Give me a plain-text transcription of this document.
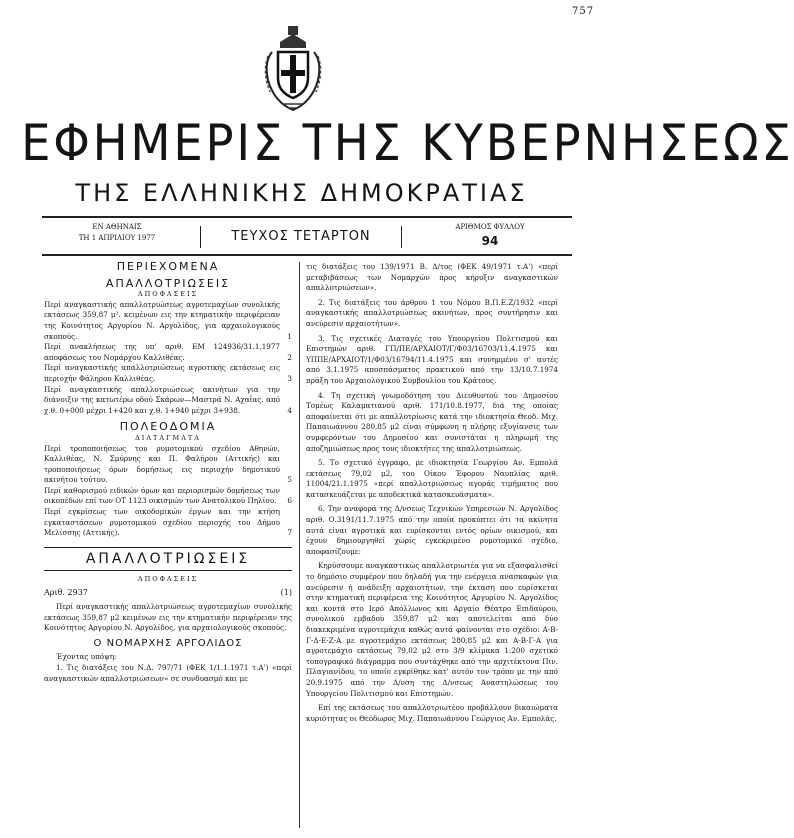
757
ΕΦΗΜΕΡΙΣ ΤΗΣ ΚΥΒΕΡΝΗΣΕΩΣ
ΤΗΣ ΕΛΛΗΝΙΚΗΣ ΔΗΜΟΚΡΑΤΙΑΣ
ΕΝ ΑΘΗΝΑΙΣ
ΤΗ 1 ΑΠΡΙΛΙΟΥ 1977	ΤΕΥΧΟΣ ΤΕΤΑΡΤΟΝ
ΑΡΙΘΜΟΣ ΦΥΛΛΟΥ
94
ΠΕΡΙΕΧΟΜΕΝΑ
ΑΠΑΛΛΟΤΡΙΩΣΕΙΣ
ΑΠΟΦΑΣΕΙΣ

Περί αναγκαστικής απαλλοτριώσεως αγροτεμαχίων συνολικής εκτάσεως 359,87 μ². κειμένων εις την κτηματικήν περιφέρειαν της Κοινότητος Αργυρίου Ν. Αργολίδος, για αρχαιολογικούς σκοπούς.	1

Περί ανακλήσεως της υπ' αριθ. ΕΜ 124936/31.1.1977 αποφάσεως του Νομάρχου Καλλιθέας.	2

Περί αναγκαστικής απαλλοτριώσεως αγροτικής εκτάσεως εις περιοχήν Φάληρου Καλλιθέας.	3

Περί αναγκαστικής απαλλοτριώσεως ακινήτων για την διάνοιξιν της κατωτέρω οδού Σκάρων—Μαστρά Ν. Αχαΐας, από χ.θ. 0+000 μέχρι 1+420 και χ.θ. 1+940 μέχρι 3+938.	4

ΠΟΛΕΟΔΟΜΙΑ
ΔΙΑΤΑΓΜΑΤΑ

Περί τροποποιήσεως του ρυμοτομικού σχεδίου Αθηνών, Καλλιθέας, Ν. Σμύρνης και Π. Φαλήρου (Αττικής) και τροποποιήσεως όρων δομήσεως εις περιοχήν δημοτικού ακινήτου τούτου.	5

Περί καθορισμού ειδικών όρων και περιορισμών δομήσεως των οικοπέδων επί των ΟΤ 1123 οικισμών των Ανατολικού Πηλίου. 6

Περί εγκρίσεως των οικοδομικών έργων και την κτήση εγκαταστάσεων ρυμοτομικού σχεδίου περιοχής του Δήμου Μελίσσης (Αττικής).	7

ΑΠΑΛΛΟΤΡΙΩΣΕΙΣ
ΑΠΟΦΑΣΕΙΣ
Αριθ. 2937	(1)

Περί αναγκαστικής απαλλοτριώσεως αγροτεμαχίων συνολικής εκτάσεως 359,87 μ2 κειμένων εις την κτηματικήν περιφέρειαν της Κοινότητος Αργυρίου Ν. Αργολίδος, για αρχαιολογικούς σκοπούς.

Ο ΝΟΜΑΡΧΗΣ ΑΡΓΟΛΙΔΟΣ

Έχοντας υπόψη:

1. Τις διατάξεις του Ν.Δ. 797/71 (ΦΕΚ 1/1.1.1971 τ.Α') «περί αναγκαστικών απαλλοτριώσεων» σε συνδυασμό και με

τις διατάξεις του 139/1971 Β. Δ/τος (ΦΕΚ 49/1971 τ.Α') «περί μεταβιβάσεως των Νομαρχών προς κήρυξιν αναγκαστικών απαλλοτριώσεων».

2. Τις διατάξεις του άρθρου 1 του Νόμου Β.Π.Ε.Ζ/1932 «περί αναγκαστικής απαλλοτριώσεως ακινήτων, προς συντήρησιν και ανεύρεσιν αρχαιοτήτων».

3. Τις σχετικές Διαταγές του Υπουργείου Πολιτισμού και Επιστημών αριθ. ΓΠ/ΠΕ/ΑΡΧΑΙΟΤ/Γ/Φ03/16703/11.4.1975 και ΥΠΠΕ/ΑΡΧΑΙΟΤ/1/Φ03/16794/11.4.1975 και συνημμένο σ' αυτές από 3.1.1975 αποσπάσματος πρακτικού από την 13/10.7.1974 πράξη του Αρχαιολογικού Συμβουλίου του Κράτους.

4. Τη σχετική γνωμοδότηση του Διευθυντού του Δημοσίου Τομέως Καλαματιανού αριθ. 171/10.8.1977, διά της οποίας αποφαίνεται ότι με απαλλοτρίωσις κατά την ιδιοκτησία Θεοδ. Μιχ. Παπαιωάννου 280,85 μ2 είναι σύμφωνη η πλήρης εξυγίανσις των συμφερόντων του Δημοσίου και συνιστάται η πληρωμή της αποζημιώσεως προς τους ιδιοκτήτες της απαλλοτριώσεως.

5. Το σχετικό έγγραφο, με ιδιοκτησία Γεωργίου Αν. Εμπολά εκτάσεως 79,02 μ2, του Οίκου Έφορου Ναυπλίας αριθ. 11004/21.1.1975 «περί απαλλοτριώσεως αγοράς τιμήματος που κατασκευάζεται με αποδεκτικά κατασκευάσματα».

6. Την αναφορά της Δ/νσεως Τεχνικών Υπηρεσιών Ν. Αργολίδος αριθ. Ο.3191/11.7.1975 από την οποία προκύπτει ότι τα ακίνητα αυτά είναι αγροτικά και ευρίσκονται εντός ορίων οικισμού, και έχουν δημιουργηθεί χωρίς εγκεκριμένο ρυμοτομικό σχέδιο, αποφασίζουμε:

Κηρύσσουμε αναγκαστικώς απαλλοτριωτέα για να εξασφαλισθεί το δημόσιο συμφέρον που δηλαδή για την ενέργεια ανασκαφών για ανεύρεσιν ή ανάδειξη αρχαιοτήτων, την έκταση που ευρίσκεται στην κτηματική περιφέρεια της Κοινότητος Αργυρίου Ν. Αργολίδος και κοντά στο Ιερό Απόλλωνος και Αργαίο Θέατρο Επιδαύρου, συνολικού εμβαδού 359,87 μ2 και αποτελείται από δύο διακεκριμένα αγροτεμάχια καθώς αυτά φαίνονται στο σχέδιο: Α-Β-Γ-Δ-Ε-Ζ-Α με αγροτεμάχιο εκτάσεως 280,85 μ2 και Α-Β-Γ-Α για αγροτεμάχιο εκτάσεως 79,02 μ2 στο 3/9 κλίμακα 1:200 σχετικό τοπογραφικό διάγραμμα που συντάχθηκε από την αρχιτέκτονα Πιν. Πλαγιανίδου, το οποίο εγκρίθηκε κατ' αυτόν τον τρόπο με την από 20.9.1975 από την Δ/νση της Δ/νσεως Αναστηλώσεως του Υπουργείου Πολιτισμού και Επιστημών.

Επί της εκτάσεως του απαλλοτριωτέου προβάλλουν δικαιώματα κυριότητας οι Θεόδωρος Μιχ. Παπαιωάννου Γεώργιος Αν. Εμπολάς.
